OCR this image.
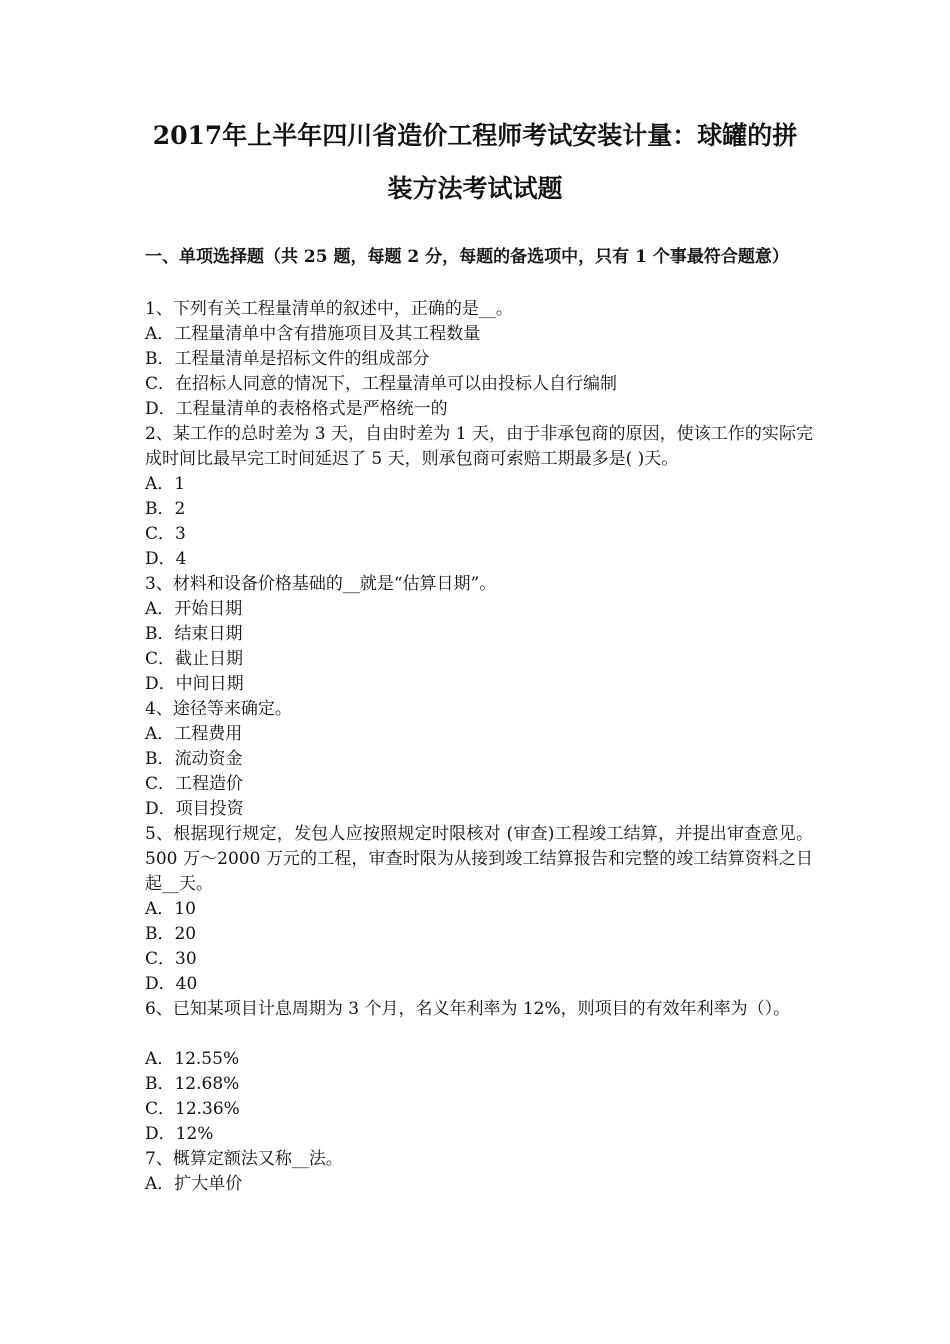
2017年上半年四川省造价工程师考试安装计量：球罐的拼
装方法考试试题
一、单项选择题（共 25 题，每题 2 分，每题的备选项中，只有 1 个事最符合题意）
1、下列有关工程量清单的叙述中，正确的是__。
A．工程量清单中含有措施项目及其工程数量
B．工程量清单是招标文件的组成部分
C．在招标人同意的情况下，工程量清单可以由投标人自行编制
D．工程量清单的表格格式是严格统一的
2、某工作的总时差为 3 天，自由时差为 1 天，由于非承包商的原因，使该工作的实际完成时间比最早完工时间延迟了 5 天，则承包商可索赔工期最多是( )天。
A．1
B．2
C．3
D．4
3、材料和设备价格基础的__就是“估算日期”。
A．开始日期
B．结束日期
C．截止日期
D．中间日期
4、途径等来确定。
A．工程费用
B．流动资金
C．工程造价
D．项目投资
5、根据现行规定，发包人应按照规定时限核对 (审查)工程竣工结算，并提出审查意见。500 万～2000 万元的工程，审查时限为从接到竣工结算报告和完整的竣工结算资料之日起__天。
A．10
B．20
C．30
D．40
6、已知某项目计息周期为 3 个月，名义年利率为 12%，则项目的有效年利率为（）。
A．12.55%
B．12.68%
C．12.36%
D．12%
7、概算定额法又称__法。
A．扩大单价
